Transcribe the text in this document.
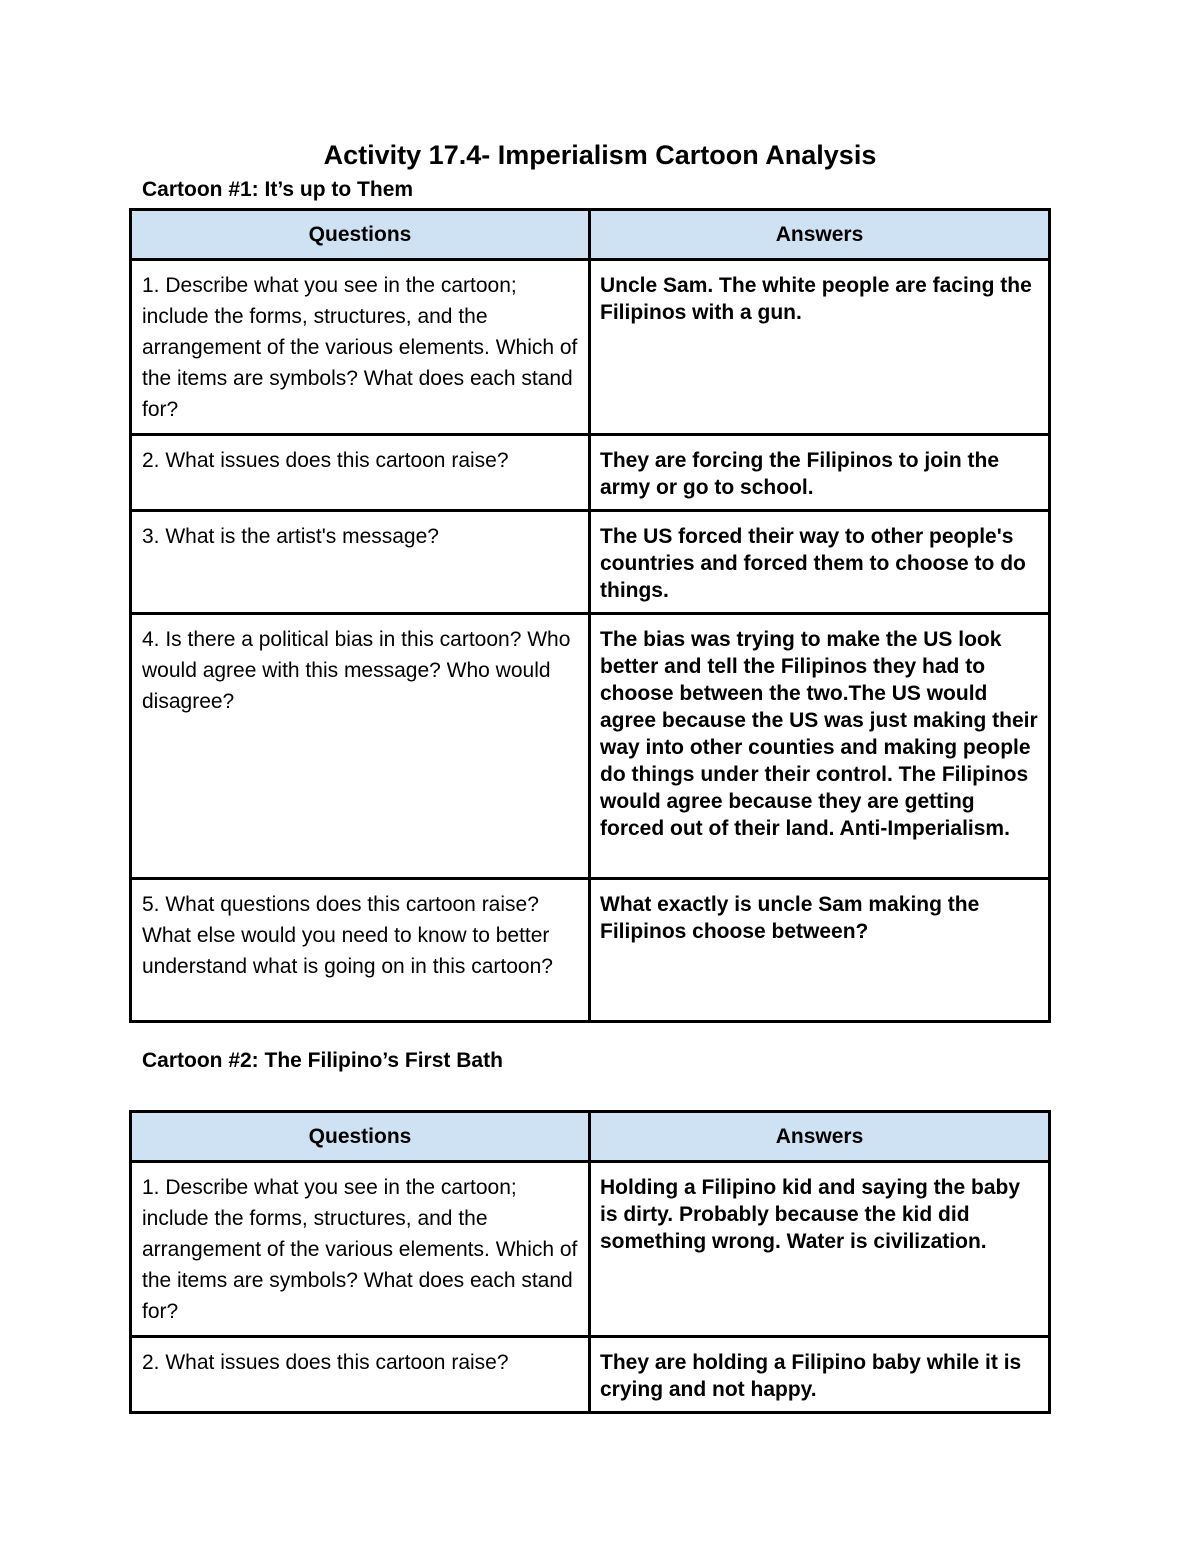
Activity 17.4- Imperialism Cartoon Analysis
Cartoon #1: It’s up to Them
Questions	Answers
1. Describe what you see in the cartoon; include the forms, structures, and the arrangement of the various elements. Which of the items are symbols? What does each stand for?	Uncle Sam. The white people are facing the Filipinos with a gun.
2. What issues does this cartoon raise?	They are forcing the Filipinos to join the army or go to school.
3. What is the artist's message?	The US forced their way to other people's countries and forced them to choose to do things.
4. Is there a political bias in this cartoon? Who would agree with this message? Who would disagree?	The bias was trying to make the US look better and tell the Filipinos they had to choose between the two.The US would agree because the US was just making their way into other counties and making people do things under their control. The Filipinos would agree because they are getting forced out of their land. Anti-Imperialism.
5. What questions does this cartoon raise? What else would you need to know to better understand what is going on in this cartoon?	What exactly is uncle Sam making the Filipinos choose between?
Cartoon #2: The Filipino’s First Bath
Questions	Answers
1. Describe what you see in the cartoon; include the forms, structures, and the arrangement of the various elements. Which of the items are symbols? What does each stand for?	Holding a Filipino kid and saying the baby is dirty. Probably because the kid did something wrong. Water is civilization.
2. What issues does this cartoon raise?	They are holding a Filipino baby while it is crying and not happy.
